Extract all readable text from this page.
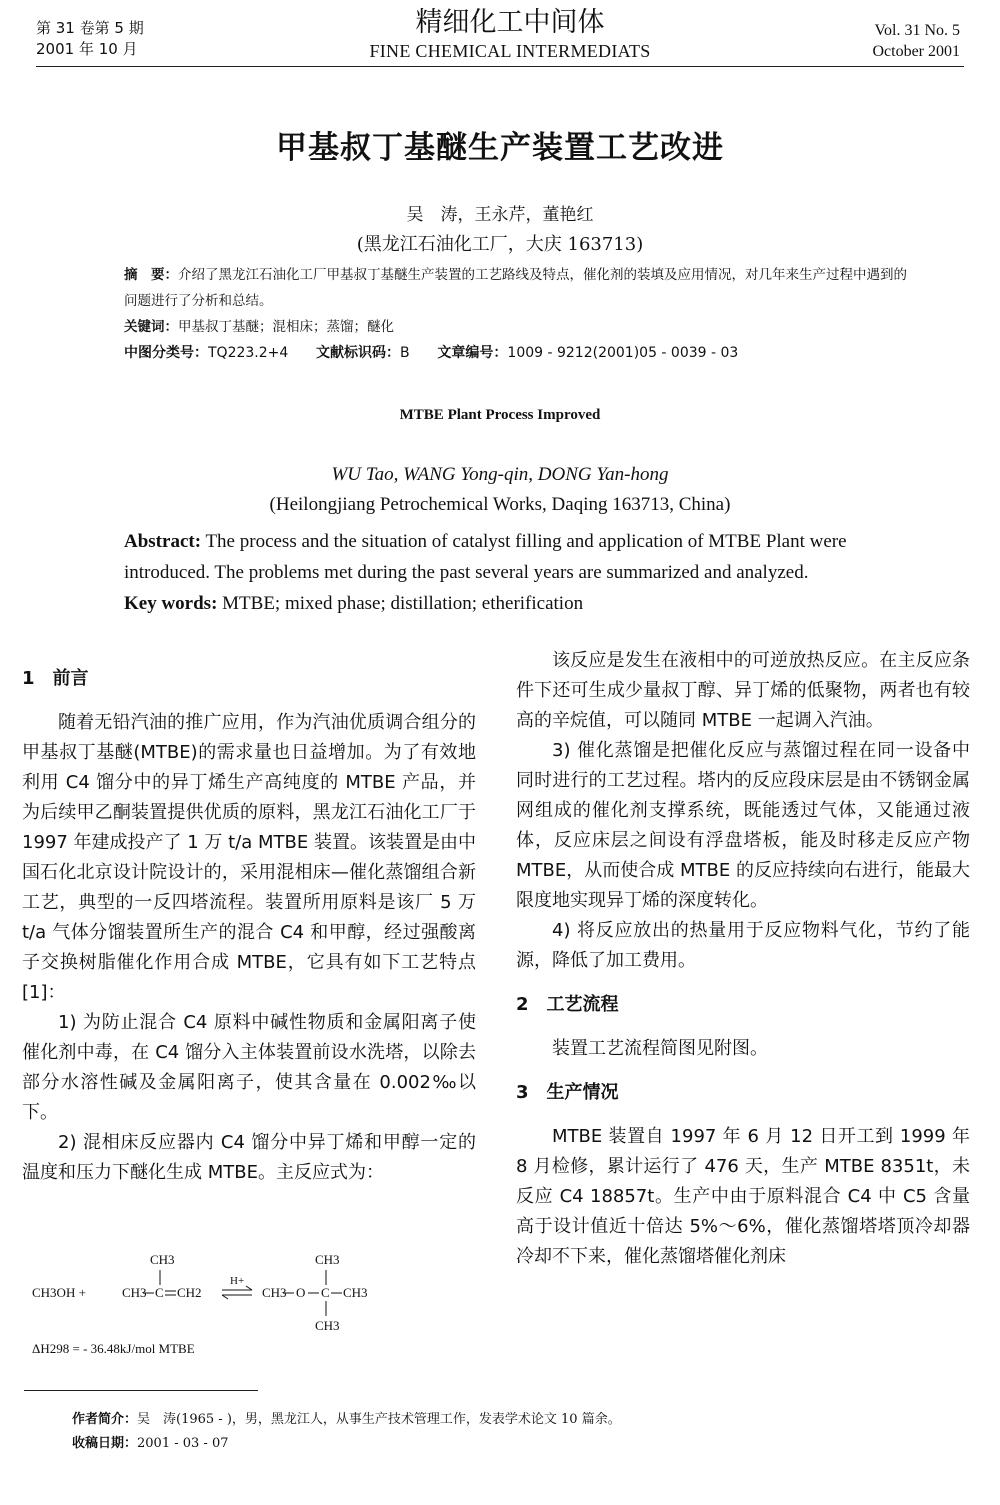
第 31 卷第 5 期
2001 年 10 月
精细化工中间体
FINE CHEMICAL INTERMEDIATS
Vol. 31 No. 5
October 2001
甲基叔丁基醚生产装置工艺改进
吴　涛，王永芹，董艳红
(黑龙江石油化工厂，大庆 163713)
摘　要：介绍了黑龙江石油化工厂甲基叔丁基醚生产装置的工艺路线及特点，催化剂的装填及应用情况，对几年来生产过程中遇到的问题进行了分析和总结。
关键词：甲基叔丁基醚；混相床；蒸馏；醚化
中图分类号：TQ223.2+4 文献标识码：B 文章编号：1009 - 9212(2001)05 - 0039 - 03
MTBE Plant Process Improved
WU Tao, WANG Yong-qin, DONG Yan-hong
(Heilongjiang Petrochemical Works, Daqing 163713, China)
Abstract: The process and the situation of catalyst filling and application of MTBE Plant were introduced. The problems met during the past several years are summarized and analyzed.
Key words: MTBE; mixed phase; distillation; etherification
1　前言

随着无铅汽油的推广应用，作为汽油优质调合组分的甲基叔丁基醚(MTBE)的需求量也日益增加。为了有效地利用 C4 馏分中的异丁烯生产高纯度的 MTBE 产品，并为后续甲乙酮装置提供优质的原料，黑龙江石油化工厂于 1997 年建成投产了 1 万 t/a MTBE 装置。该装置是由中国石化北京设计院设计的，采用混相床—催化蒸馏组合新工艺，典型的一反四塔流程。装置所用原料是该厂 5 万 t/a 气体分馏装置所生产的混合 C4 和甲醇，经过强酸离子交换树脂催化作用合成 MTBE，它具有如下工艺特点[1]：

1) 为防止混合 C4 原料中碱性物质和金属阳离子使催化剂中毒，在 C4 馏分入主体装置前设水洗塔，以除去部分水溶性碱及金属阳离子，使其含量在 0.002‰以下。

2) 混相床反应器内 C4 馏分中异丁烯和甲醇一定的温度和压力下醚化生成 MTBE。主反应式为：

CH3OH +	CH3 C CH2
CH3
H+
CH3 O C CH3
CH3
CH3
ΔH298 = - 36.48kJ/mol MTBE

该反应是发生在液相中的可逆放热反应。在主反应条件下还可生成少量叔丁醇、异丁烯的低聚物，两者也有较高的辛烷值，可以随同 MTBE 一起调入汽油。

3) 催化蒸馏是把催化反应与蒸馏过程在同一设备中同时进行的工艺过程。塔内的反应段床层是由不锈钢金属网组成的催化剂支撑系统，既能透过气体，又能通过液体，反应床层之间设有浮盘塔板，能及时移走反应产物 MTBE，从而使合成 MTBE 的反应持续向右进行，能最大限度地实现异丁烯的深度转化。

4) 将反应放出的热量用于反应物料气化，节约了能源，降低了加工费用。

2　工艺流程

装置工艺流程简图见附图。

3　生产情况

MTBE 装置自 1997 年 6 月 12 日开工到 1999 年 8 月检修，累计运行了 476 天，生产 MTBE 8351t，未反应 C4 18857t。生产中由于原料混合 C4 中 C5 含量高于设计值近十倍达 5%～6%，催化蒸馏塔塔顶冷却器冷却不下来，催化蒸馏塔催化剂床

作者简介：吴　涛(1965 - )，男，黑龙江人，从事生产技术管理工作，发表学术论文 10 篇余。
收稿日期：2001 - 03 - 07
